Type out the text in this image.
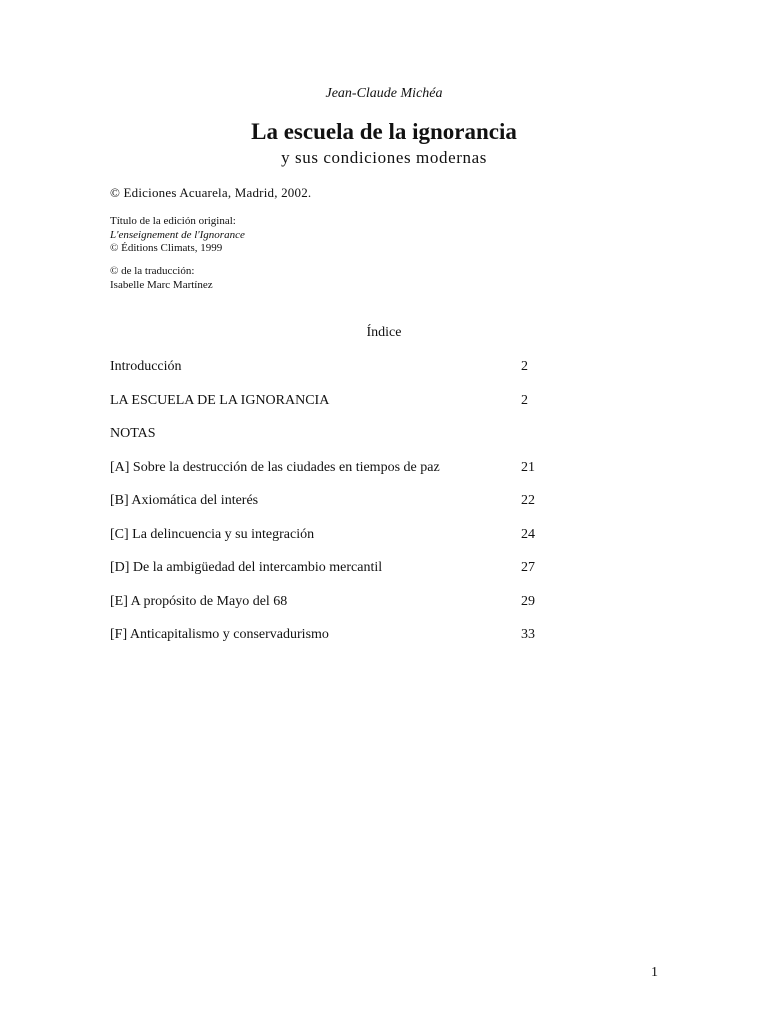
Jean-Claude Michéa
La escuela de la ignorancia
y sus condiciones modernas
© Ediciones Acuarela, Madrid, 2002.
Título de la edición original:
L'enseignement de l'Ignorance
© Éditions Climats, 1999
© de la traducción:
Isabelle Marc Martínez
Índice
Introducción	2
LA ESCUELA DE LA IGNORANCIA	2
NOTAS
[A] Sobre la destrucción de las ciudades en tiempos de paz	21
[B] Axiomática del interés	22
[C] La delincuencia y su integración	24
[D] De la ambigüedad del intercambio mercantil	27
[E] A propósito de Mayo del 68	29
[F] Anticapitalismo y conservadurismo	33
1
